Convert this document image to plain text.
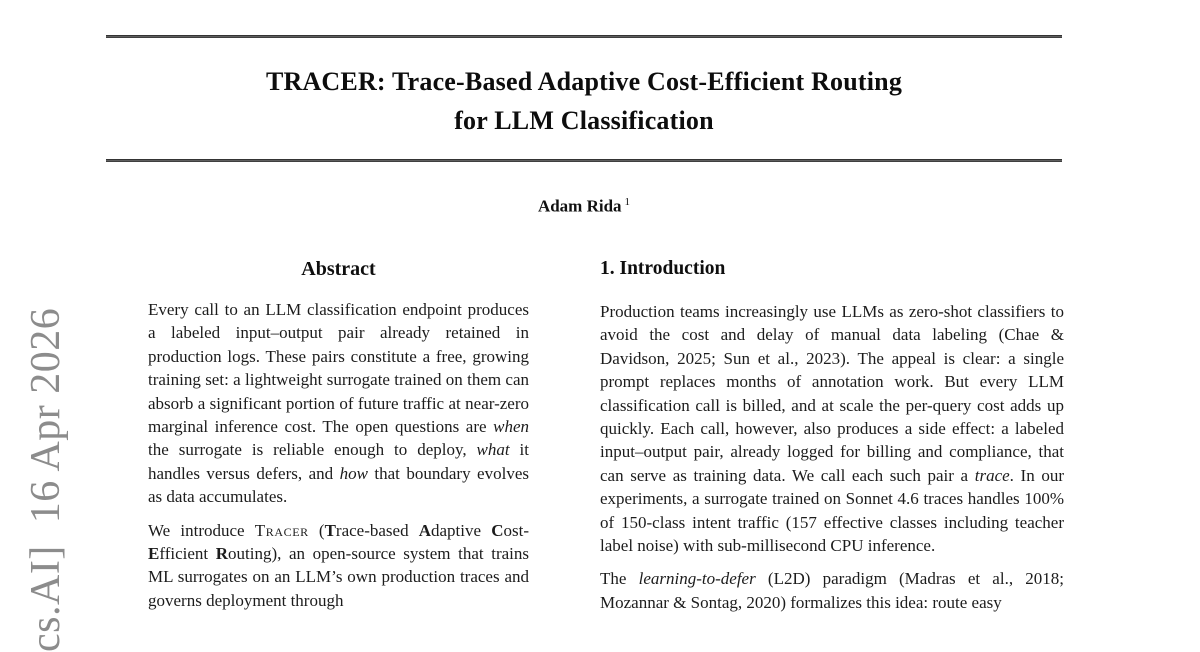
cs.AI]  16 Apr 2026
TRACER: Trace-Based Adaptive Cost-Efficient Routing
for LLM Classification
Adam Rida $^1$
Abstract

Every call to an LLM classification endpoint produces a labeled input–output pair already retained in production logs. These pairs constitute a free, growing training set: a lightweight surrogate trained on them can absorb a significant portion of future traffic at near-zero marginal inference cost. The open questions are when the surrogate is reliable enough to deploy, what it handles versus defers, and how that boundary evolves as data accumulates.

We introduce Tracer (Trace-based Adaptive Cost-Efficient Routing), an open-source system that trains ML surrogates on an LLM’s own production traces and governs deployment through

1. Introduction

Production teams increasingly use LLMs as zero-shot classifiers to avoid the cost and delay of manual data labeling (Chae & Davidson, 2025; Sun et al., 2023). The appeal is clear: a single prompt replaces months of annotation work. But every LLM classification call is billed, and at scale the per-query cost adds up quickly. Each call, however, also produces a side effect: a labeled input–output pair, already logged for billing and compliance, that can serve as training data. We call each such pair a trace. In our experiments, a surrogate trained on Sonnet 4.6 traces handles 100% of 150-class intent traffic (157 effective classes including teacher label noise) with sub-millisecond CPU inference.

The learning-to-defer (L2D) paradigm (Madras et al., 2018; Mozannar & Sontag, 2020) formalizes this idea: route easy
